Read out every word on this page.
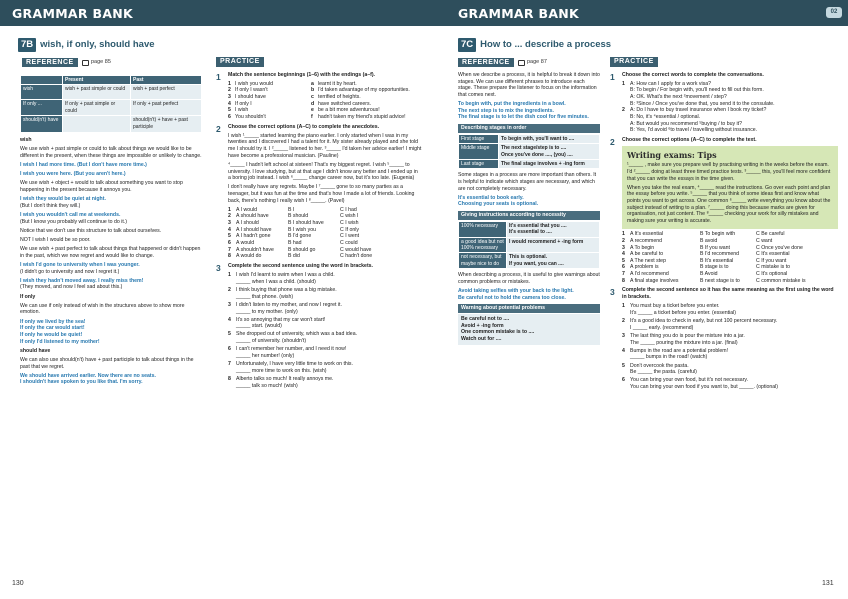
GRAMMAR BANK	GRAMMAR BANK	02
130	131
7B wish, if only, should have
REFERENCE	page 85
	Present	Past
wish	wish + past simple or could	wish + past perfect
If only ...	If only + past simple or could	If only + past perfect
should(n't) have		should(n't) + have + past participle
wish
We use wish + past simple or could to talk about things we would like to be different in the present, when these things are impossible or unlikely to change.
I wish I had more time. (But I don't have more time.)
I wish you were here. (But you aren't here.)
We use wish + object + would to talk about something you want to stop happening in the present because it annoys you.
I wish they would be quiet at night.
(But I don't think they will.)
I wish you wouldn't call me at weekends.
(But I know you probably will continue to do it.)
Notice that we don't use this structure to talk about ourselves.
NOT I wish I would be so poor.
We use wish + past perfect to talk about things that happened or didn't happen in the past, which we now regret and would like to change.
I wish I'd gone to university when I was younger.
(I didn't go to university and now I regret it.)
I wish they hadn't moved away. I really miss them!
(They moved, and now I feel sad about this.)
If only
We can use if only instead of wish in the structures above to show more emotion.
If only we lived by the sea!
If only the car would start!
If only he would be quiet!
If only I'd listened to my mother!
should have
We can also use should(n't) have + past participle to talk about things in the past that we regret.
We should have arrived earlier. Now there are no seats.
I shouldn't have spoken to you like that. I'm sorry.
PRACTICE
1 Match the sentence beginnings (1–6) with the endings (a–f).
1 I wish you would	a learnt it by heart.
2 If only I wasn't	b I'd taken advantage of my opportunities.
3 I should have	c terrified of heights.
4 If only I	d have switched careers.
5 I wish	e be a bit more adventurous!
6 You shouldn't	f	hadn't taken my friend's stupid advice!
2 Choose the correct options (A–C) to complete the anecdotes.
I wish ¹_____ started learning the piano earlier. I only started when I was in my twenties and I discovered I had a talent for it. My sister already played and she told me I should try it. I ²_____ listened to her. ³_____ I'd taken her advice earlier! I might have become a professional musician. (Pauline)
⁴_____ I hadn't left school at sixteen! That's my biggest regret. I wish ⁵_____ to university. I love studying, but at that age I didn't know any better and I ended up in a boring job instead. I wish ⁶_____ change career now, but it's too late. (Eugenia)
I don't really have any regrets. Maybe I ⁷_____ gone to so many parties as a teenager, but it was fun at the time and that's how I made a lot of friends. Looking back, there's nothing I really wish I ⁸_____. (Pavel)
1 A I would	B I	C I had
2 A should have	B should	C wish I
3 A I should	B I should have	C I wish
4 A I should have	B I wish you	C If only
5 A I hadn't gone	B I'd gone	C I went
6 A would	B had	C could
7 A shouldn't have	B should go	C would have
8 A would do	B did	C hadn't done
3 Complete the second sentence using the word in brackets.
1 I wish I'd learnt to swim when I was a child.
_____ when I was a child. (should)
2 I think buying that phone was a big mistake.
_____ that phone. (wish)
3 I didn't listen to my mother, and now I regret it.
_____ to my mother. (only)
4 It's so annoying that my car won't start!
_____ start. (would)
5 She dropped out of university, which was a bad idea.
_____ of university. (shouldn't)
6 I can't remember her number, and I need it now!
_____ her number! (only)
7 Unfortunately, I have very little time to work on this.
_____ more time to work on this. (wish)
8 Alberto talks so much! It really annoys me.
_____ talk so much! (wish)
7C How to ... describe a process
REFERENCE	page 87
When we describe a process, it is helpful to break it down into stages. We can use different phrases to introduce each stage. These prepare the listener to focus on the information that comes next.
To begin with, put the ingredients in a bowl.
The next step is to mix the ingredients.
The final stage is to let the dish cool for five minutes.
Describing stages in order
First stage	To begin with, you'll want to ....
Middle stage	The next stage/step is to ....
Once you've done ...., (you) ....

Last stage	The final stage involves + -ing form
Some stages in a process are more important than others. It is helpful to indicate which stages are necessary, and which are not completely necessary.
It's essential to book early.
Choosing your seats is optional.
Giving instructions according to necessity
100% necessary	It's essential that you ....
It's essential to ....

a good idea but not 100% necessary	I would recommend + -ing form
not necessary, but maybe nice to do	This is optional.
If you want, you can ....
When describing a process, it is useful to give warnings about common problems or mistakes.
Avoid taking selfies with your back to the light.
Be careful not to hold the camera too close.
Warning about potential problems
Be careful not to ....
Avoid + -ing form
One common mistake is to ....
Watch out for ....
PRACTICE
1 Choose the correct words to complete the conversations.
1 A: How can I apply for a work visa?
B: To begin / For begin with, you'll need to fill out this form.
A: OK. What's the next ²movement / step?
B: ³Since / Once you've done that, you send it to the consulate.
2 A: Do I have to buy travel insurance when I book my ticket?
B: No, it's ⁴essential / optional.
A: But would you recommend ⁵buying / to buy it?
B: Yes, I'd avoid ⁶to travel / travelling without insurance.
2 Choose the correct options (A–C) to complete the text.
Writing exams: Tips
¹_____ , make sure you prepare well by practising writing in the weeks before the exam. I'd ²_____ doing at least three timed practice tests. ³_____ this, you'll feel more confident that you can write the essays in the time given.
When you take the real exam, ⁴_____ read the instructions. Go over each point and plan the essay before you write. ⁵_____ that you think of some ideas first and know what points you want to get across. One common ⁶_____ write everything you know about the subject instead of writing to a plan. ⁷_____ doing this because marks are given for organisation, not just content. The ⁸_____ checking your work for silly mistakes and making sure your writing is accurate.
1 A It's essential	B To begin with	C Be careful
2 A recommend	B avoid	C want
3 A To begin	B If you want	C Once you've done
4 A be careful to	B I'd recommend	C It's essential
5 A The next step	B It's essential	C If you want
6 A problem is	B stage is to	C mistake is to
7 A I'd recommend	B Avoid	C It's optional
8 A final stage involves	B next stage is to	C common mistake is
3 Complete the second sentence so it has the same meaning as the first using the word in brackets.
1 You must buy a ticket before you enter.
It's _____ a ticket before you enter. (essential)
2 It's a good idea to check in early, but not 100 percent necessary.
I _____ early. (recommend)
3 The last thing you do is pour the mixture into a jar.
The _____ pouring the mixture into a jar. (final)
4 Bumps in the road are a potential problem!
_____ bumps in the road! (watch)
5 Don't overcook the pasta.
Be _____ the pasta. (careful)
6 You can bring your own food, but it's not necessary.
You can bring your own food if you want to, but _____. (optional)
